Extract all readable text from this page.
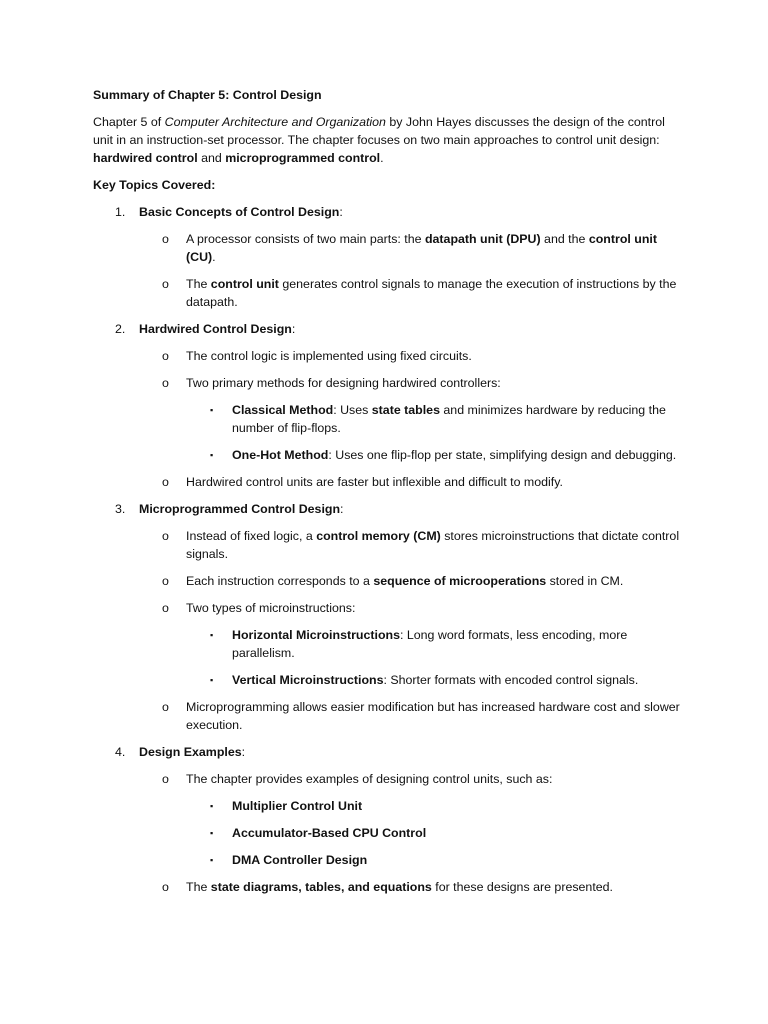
Summary of Chapter 5: Control Design

Chapter 5 of Computer Architecture and Organization by John Hayes discusses the design of the control unit in an instruction-set processor. The chapter focuses on two main approaches to control unit design: hardwired control and microprogrammed control.

Key Topics Covered:

1. Basic Concepts of Control Design:
o A processor consists of two main parts: the datapath unit (DPU) and the control unit (CU).
o The control unit generates control signals to manage the execution of instructions by the datapath.
2. Hardwired Control Design:
o The control logic is implemented using fixed circuits.
o Two primary methods for designing hardwired controllers:
▪ Classical Method: Uses state tables and minimizes hardware by reducing the number of flip-flops.
▪ One-Hot Method: Uses one flip-flop per state, simplifying design and debugging.
o Hardwired control units are faster but inflexible and difficult to modify.
3. Microprogrammed Control Design:
o Instead of fixed logic, a control memory (CM) stores microinstructions that dictate control signals.
o Each instruction corresponds to a sequence of microoperations stored in CM.
o Two types of microinstructions:
▪ Horizontal Microinstructions: Long word formats, less encoding, more parallelism.
▪ Vertical Microinstructions: Shorter formats with encoded control signals.
o Microprogramming allows easier modification but has increased hardware cost and slower execution.
4. Design Examples:
o The chapter provides examples of designing control units, such as:
▪ Multiplier Control Unit
▪ Accumulator-Based CPU Control
▪ DMA Controller Design
o The state diagrams, tables, and equations for these designs are presented.
